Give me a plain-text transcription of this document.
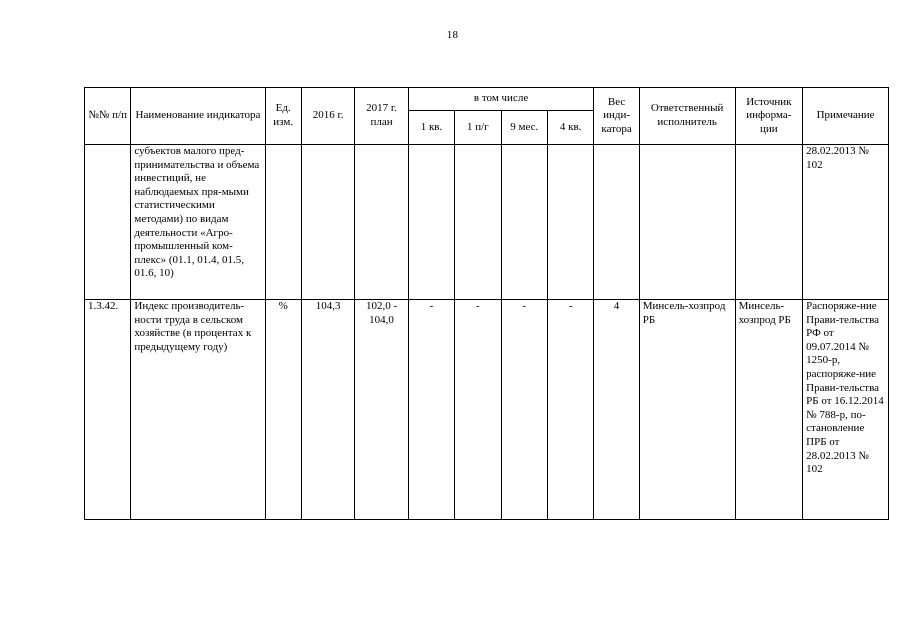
18
№№ п/п	Наименование индикатора	Ед. изм.	2016 г.	2017 г. план	в том числе				Вес инди-катора	Ответственный исполнитель	Источник информа-ции	Примечание
					1 кв.	1 п/г	9 мес.	4 кв.				
	субъектов малого пред-принимательства и объема инвестиций, не наблюдаемых пря-мыми статистическими методами) по видам деятельности «Агро-промышленный ком-плекс» (01.1, 01.4, 01.5, 01.6, 10)											28.02.2013 № 102
1.3.42.	Индекс производитель-ности труда в сельском хозяйстве (в процентах к предыдущему году)	%	104,3	102,0 - 104,0	-	-	-	-	4	Минсель-хозпрод РБ	Минсель-хозпрод РБ	Распоряже-ние Прави-тельства РФ от 09.07.2014 № 1250-р, распоряже-ние Прави-тельства РБ от 16.12.2014 № 788-р, по-становление ПРБ от 28.02.2013 № 102
